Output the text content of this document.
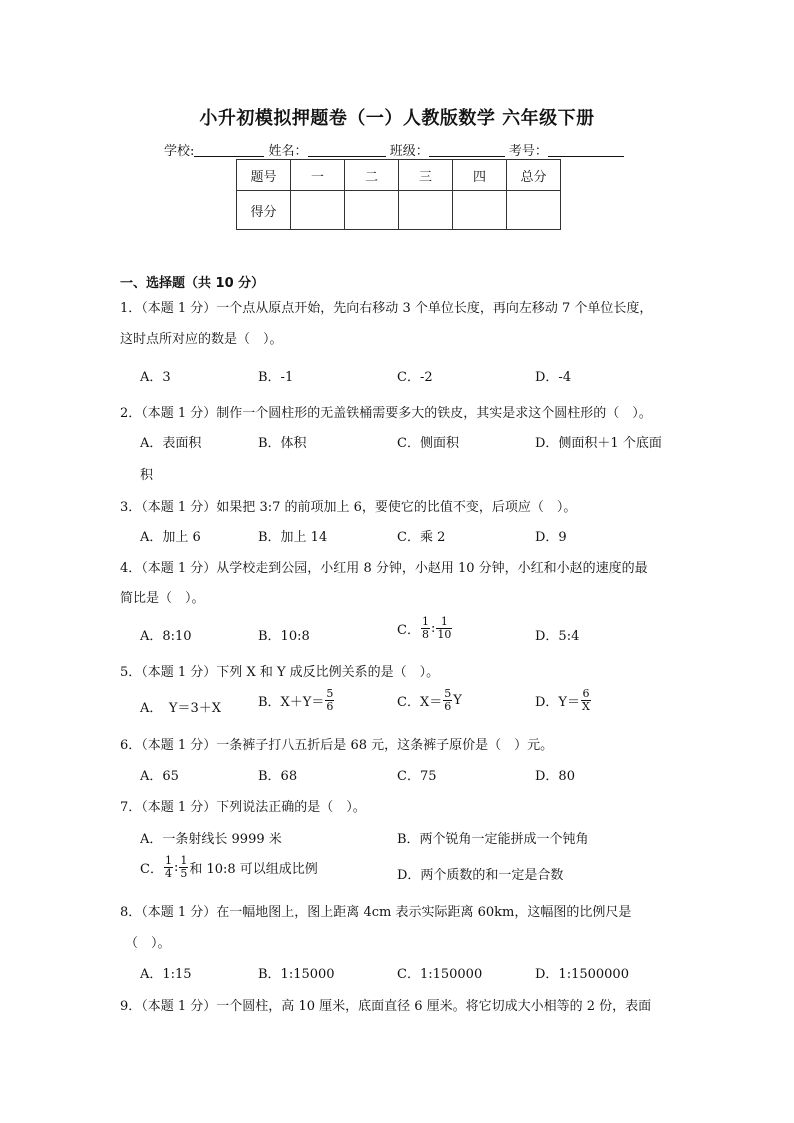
小升初模拟押题卷（一）人教版数学 六年级下册
学校:	姓名：	班级：	考号：
题号	一	二	三	四	总分
得分					
一、选择题（共 10 分）
1．（本题 1 分）一个点从原点开始，先向右移动 3 个单位长度，再向左移动 7 个单位长度，
这时点所对应的数是（　）。
A．3	B．-1	C．-2	D．-4
2．（本题 1 分）制作一个圆柱形的无盖铁桶需要多大的铁皮，其实是求这个圆柱形的（　）。
A．表面积	B．体积	C．侧面积	D．侧面积＋1 个底面
积
3．（本题 1 分）如果把 3:7 的前项加上 6，要使它的比值不变，后项应（　）。
A．加上 6	B．加上 14	C．乘 2	D．9
4．（本题 1 分）从学校走到公园，小红用 8 分钟，小赵用 10 分钟，小红和小赵的速度的最
简比是（　）。
A．8:10	B．10:8	C． $\frac{1}{8}$ : $\frac{1}{10}$	D．5:4
5．（本题 1 分）下列 X 和 Y 成反比例关系的是（　）。
A．　Y＝3＋X	B．$X+Y= \frac{5}{6}$	C．$X= \frac{5}{6}$ Y	D．$Y= \frac{6}{X}$
6．（本题 1 分）一条裤子打八五折后是 68 元，这条裤子原价是（　）元。
A．65	B．68	C．75	D．80
7．（本题 1 分）下列说法正确的是（　）。
A．一条射线长 9999 米	B．两个锐角一定能拼成一个钝角
C． $\frac{1}{4}$ : $\frac{1}{5}$ 和 10:8 可以组成比例	D．两个质数的和一定是合数
8．（本题 1 分）在一幅地图上，图上距离 4cm 表示实际距离 60km，这幅图的比例尺是
（　）。
A．1:15	B．1:15000	C．1:150000	D．1:1500000
9．（本题 1 分）一个圆柱，高 10 厘米，底面直径 6 厘米。将它切成大小相等的 2 份，表面
